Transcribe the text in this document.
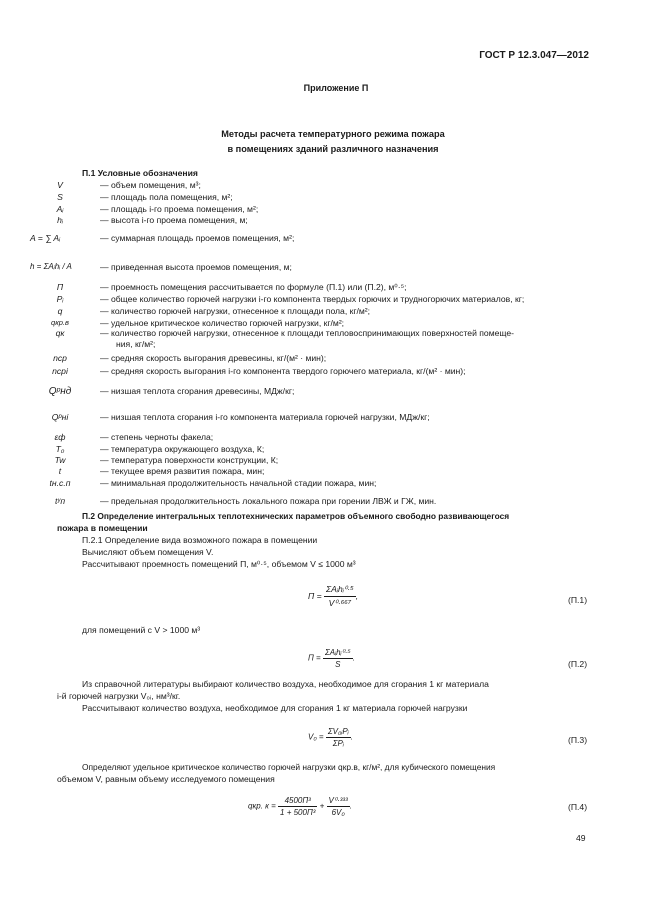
ГОСТ Р 12.3.047—2012
Приложение П
Методы расчета температурного режима пожара
в помещениях зданий различного назначения
П.1 Условные обозначения
V	— объем помещения, м³;
S	— площадь пола помещения, м²;
Aᵢ	— площадь i-го проема помещения, м²;
hᵢ	— высота i-го проема помещения, м;
A = ∑ Aᵢ	— суммарная площадь проемов помещения, м²;
h = ΣAᵢhᵢ / A	— приведенная высота проемов помещения, м;
П	— проемность помещения рассчитывается по формуле (П.1) или (П.2), м⁰·⁵;
Pᵢ	— общее количество горючей нагрузки i-го компонента твердых горючих и трудногорючих материалов, кг;
q	— количество горючей нагрузки, отнесенное к площади пола, кг/м²;
qкр.в	— удельное критическое количество горючей нагрузки, кг/м²;
qк	— количество горючей нагрузки, отнесенное к площади тепловоспринимающих поверхностей помеще-
ния, кг/м²;
nср	— средняя скорость выгорания древесины, кг/(м² · мин);
nсрi	— средняя скорость выгорания i-го компонента твердого горючего материала, кг/(м² · мин);
Qᵖнд	— низшая теплота сгорания древесины, МДж/кг;
Qᵖнi	— низшая теплота сгорания i-го компонента материала горючей нагрузки, МДж/кг;
εф	— степень черноты факела;
T₀	— температура окружающего воздуха, К;
Tw	— температура поверхности конструкции, К;
t	— текущее время развития пожара, мин;
tн.с.п	— минимальная продолжительность начальной стадии пожара, мин;
tʸп	— предельная продолжительность локального пожара при горении ЛВЖ и ГЖ, мин.
П.2 Определение интегральных теплотехнических параметров объемного свободно развивающегося
пожара в помещении
П.2.1 Определение вида возможного пожара в помещении
Вычисляют объем помещения V.
Рассчитывают проемность помещений П, м⁰·⁵, объемом V ≤ 1000 м³
$П = \frac{\text{ΣAᵢhᵢ⁰·⁵}}{\text{V⁰·⁶⁶⁷}}$ ,	(П.1)
для помещений с V > 1000 м³
$П = \frac{\text{ΣAᵢhᵢ⁰·⁵}}{S}$ .
(П.2)
Из справочной литературы выбирают количество воздуха, необходимое для сгорания 1 кг материала
i-й горючей нагрузки V₀ᵢ, нм³/кг.
Рассчитывают количество воздуха, необходимое для сгорания 1 кг материала горючей нагрузки
$V_0 = \frac{\text{ΣV₀ᵢPᵢ}}{\text{ΣPᵢ}}$ .	(П.3)
Определяют удельное критическое количество горючей нагрузки qкр.в, кг/м², для кубического помещения
объемом V, равным объему исследуемого помещения
qкр. $к = \frac{\text{4500П³}}{\text{1 + 500П³}} + \frac{\text{V⁰·³³³}}{\text{6V₀}}$ .	(П.4)
49
